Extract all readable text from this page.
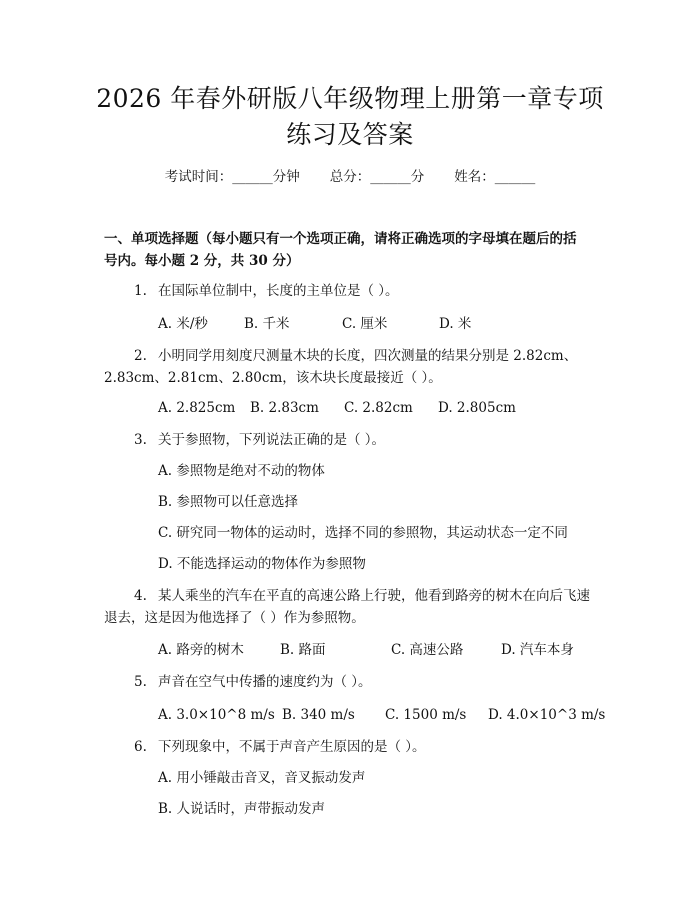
2026 年春外研版八年级物理上册第一章专项
练习及答案
考试时间：______分钟 总分：______分 姓名：______
一、单项选择题（每小题只有一个选项正确，请将正确选项的字母填在题后的括
号内。每小题 2 分，共 30 分）
1. 在国际单位制中，长度的主单位是（ ）。
A. 米/秒	B. 千米	C. 厘米	D. 米
2. 小明同学用刻度尺测量木块的长度，四次测量的结果分别是 2.82cm、
2.83cm、2.81cm、2.80cm，该木块长度最接近（ ）。
A. 2.825cm	B. 2.83cm	C. 2.82cm	D. 2.805cm
3. 关于参照物，下列说法正确的是（ ）。
A. 参照物是绝对不动的物体
B. 参照物可以任意选择
C. 研究同一物体的运动时，选择不同的参照物，其运动状态一定不同
D. 不能选择运动的物体作为参照物
4. 某人乘坐的汽车在平直的高速公路上行驶，他看到路旁的树木在向后飞速
退去，这是因为他选择了（ ）作为参照物。
A. 路旁的树木	B. 路面	C. 高速公路	D. 汽车本身
5. 声音在空气中传播的速度约为（ ）。
A. 3.0×10^8 m/s B. 340 m/s	C. 1500 m/s	D. 4.0×10^3 m/s
6. 下列现象中，不属于声音产生原因的是（ ）。
A. 用小锤敲击音叉，音叉振动发声
B. 人说话时，声带振动发声
